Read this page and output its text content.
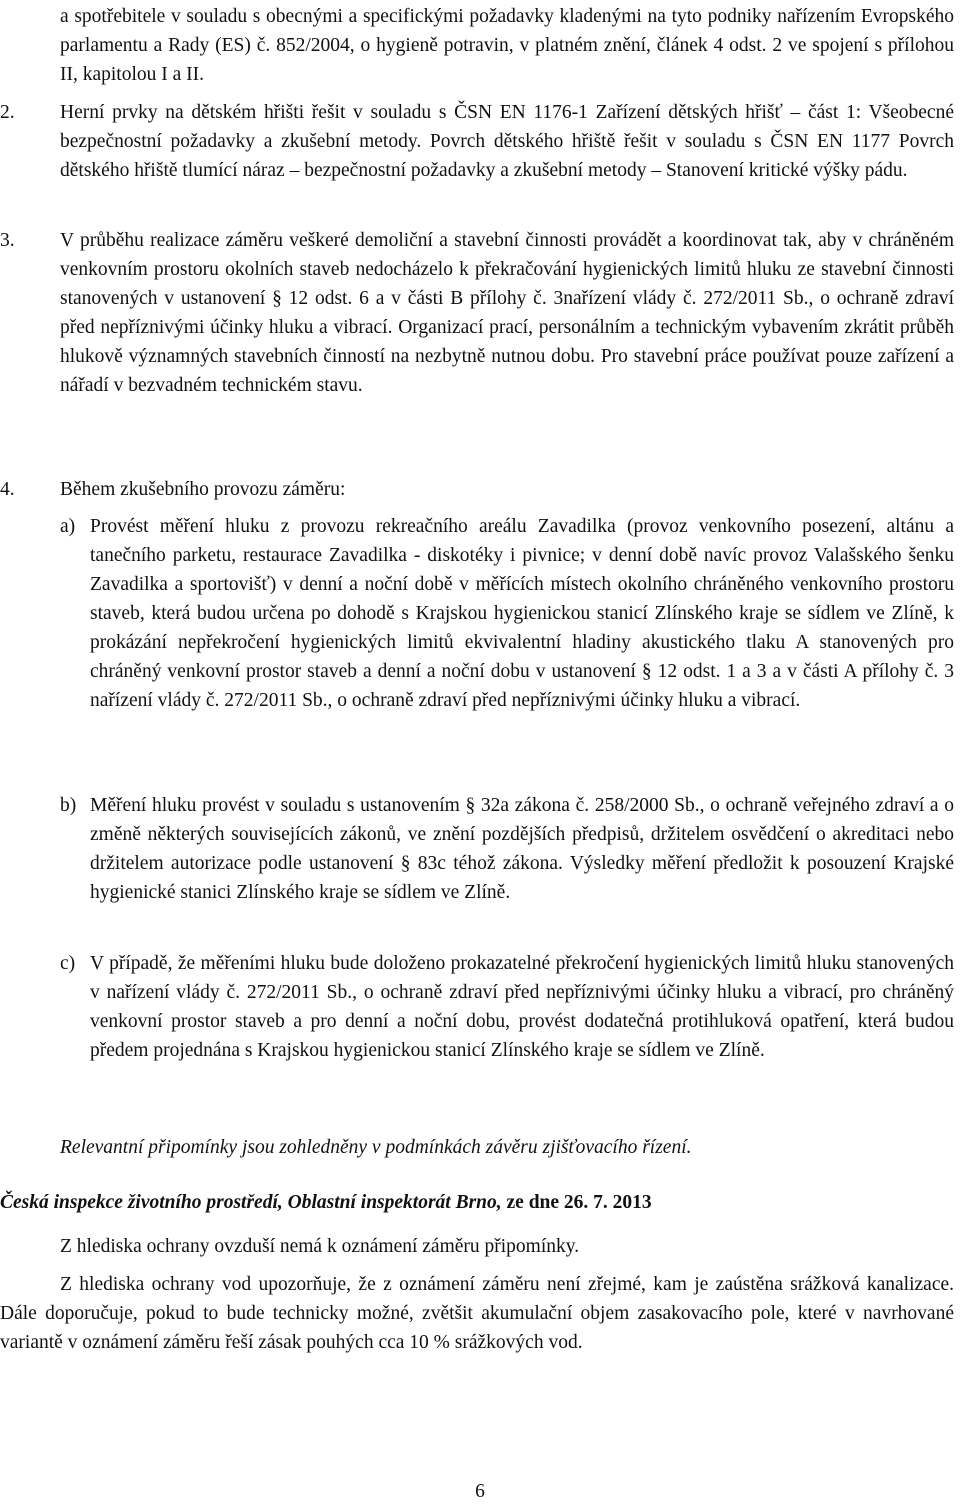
a spotřebitele v souladu s obecnými a specifickými požadavky kladenými na tyto podniky nařízením Evropského parlamentu a Rady (ES) č. 852/2004, o hygieně potravin, v platném znění, článek 4 odst. 2 ve spojení s přílohou II, kapitolou I a II.

2. Herní prvky na dětském hřišti řešit v souladu s ČSN EN 1176-1 Zařízení dětských hřišť – část 1: Všeobecné bezpečnostní požadavky a zkušební metody. Povrch dětského hřiště řešit v souladu s ČSN EN 1177 Povrch dětského hřiště tlumící náraz – bezpečnostní požadavky a zkušební metody – Stanovení kritické výšky pádu.

3. V průběhu realizace záměru veškeré demoliční a stavební činnosti provádět a koordinovat tak, aby v chráněném venkovním prostoru okolních staveb nedocházelo k překračování hygienických limitů hluku ze stavební činnosti stanovených v ustanovení § 12 odst. 6 a v části B přílohy č. 3nařízení vlády č. 272/2011 Sb., o ochraně zdraví před nepříznivými účinky hluku a vibrací. Organizací prací, personálním a technickým vybavením zkrátit průběh hlukově významných stavebních činností na nezbytně nutnou dobu. Pro stavební práce používat pouze zařízení a nářadí v bezvadném technickém stavu.

4. Během zkušebního provozu záměru:

a) Provést měření hluku z provozu rekreačního areálu Zavadilka (provoz venkovního posezení, altánu a tanečního parketu, restaurace Zavadilka - diskotéky i pivnice; v denní době navíc provoz Valašského šenku Zavadilka a sportovišť) v denní a noční době v měřících místech okolního chráněného venkovního prostoru staveb, která budou určena po dohodě s Krajskou hygienickou stanicí Zlínského kraje se sídlem ve Zlíně, k prokázání nepřekročení hygienických limitů ekvivalentní hladiny akustického tlaku A stanovených pro chráněný venkovní prostor staveb a denní a noční dobu v ustanovení § 12 odst. 1 a 3 a v části A přílohy č. 3 nařízení vlády č. 272/2011 Sb., o ochraně zdraví před nepříznivými účinky hluku a vibrací.

b) Měření hluku provést v souladu s ustanovením § 32a zákona č. 258/2000 Sb., o ochraně veřejného zdraví a o změně některých souvisejících zákonů, ve znění pozdějších předpisů, držitelem osvědčení o akreditaci nebo držitelem autorizace podle ustanovení § 83c téhož zákona. Výsledky měření předložit k posouzení Krajské hygienické stanici Zlínského kraje se sídlem ve Zlíně.

c) V případě, že měřeními hluku bude doloženo prokazatelné překročení hygienických limitů hluku stanovených v nařízení vlády č. 272/2011 Sb., o ochraně zdraví před nepříznivými účinky hluku a vibrací, pro chráněný venkovní prostor staveb a pro denní a noční dobu, provést dodatečná protihluková opatření, která budou předem projednána s Krajskou hygienickou stanicí Zlínského kraje se sídlem ve Zlíně.

Relevantní připomínky jsou zohledněny v podmínkách závěru zjišťovacího řízení.

Česká inspekce životního prostředí, Oblastní inspektorát Brno, ze dne 26. 7. 2013

Z hlediska ochrany ovzduší nemá k oznámení záměru připomínky.

Z hlediska ochrany vod upozorňuje, že z oznámení záměru není zřejmé, kam je zaústěna srážková kanalizace. Dále doporučuje, pokud to bude technicky možné, zvětšit akumulační objem zasakovacího pole, které v navrhované variantě v oznámení záměru řeší zásak pouhých cca 10 % srážkových vod.

6
